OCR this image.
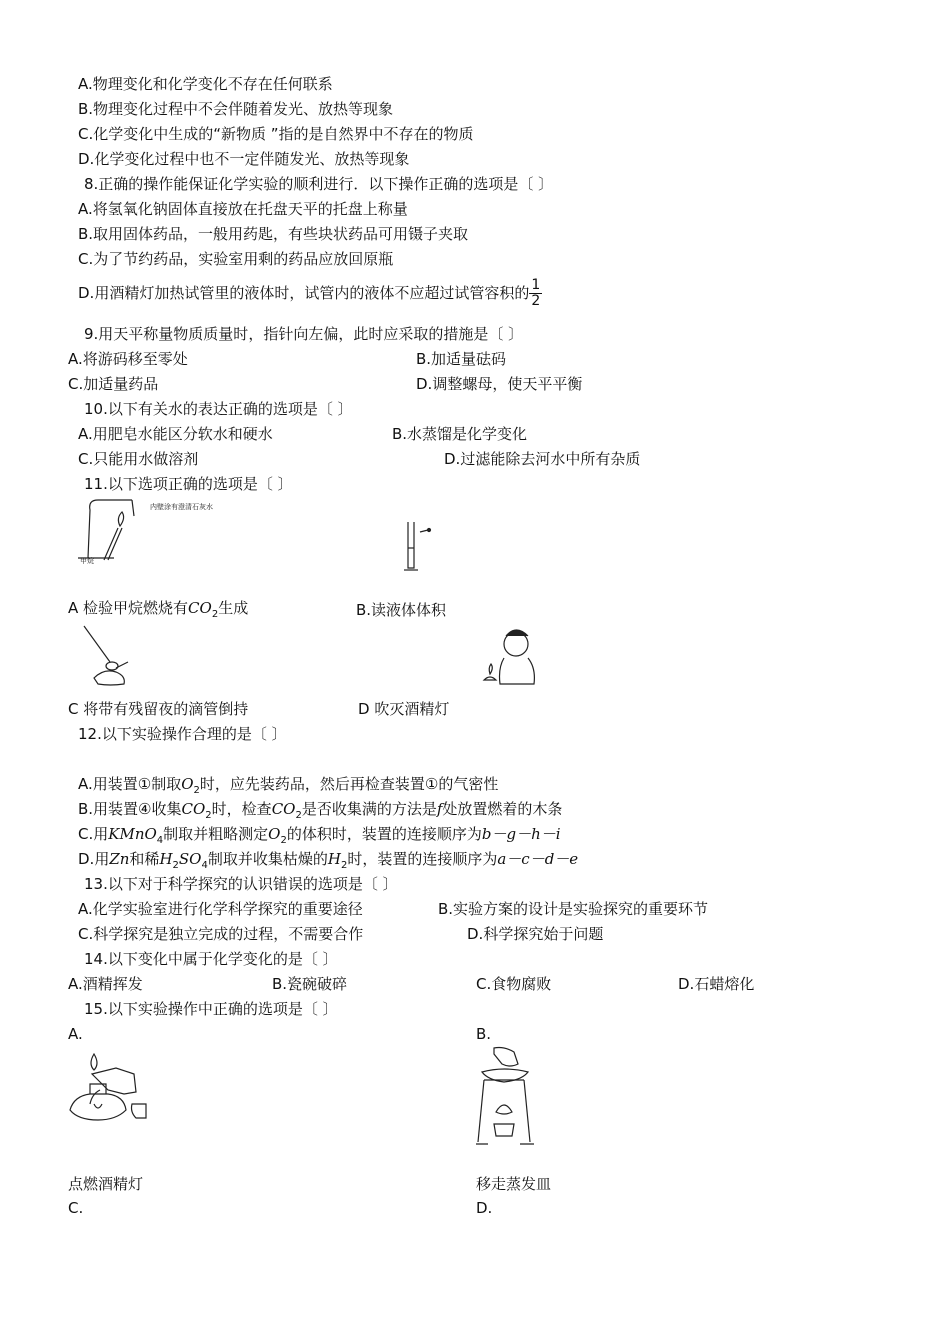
A.物理变化和化学变化不存在任何联系
B.物理变化过程中不会伴随着发光、放热等现象
C.化学变化中生成的“新物质 ”指的是自然界中不存在的物质
D.化学变化过程中也不一定伴随发光、放热等现象
8.正确的操作能保证化学实验的顺利进行．以下操作正确的选项是〔 〕
A.将氢氧化钠固体直接放在托盘天平的托盘上称量
B.取用固体药品，一般用药匙，有些块状药品可用镊子夹取
C.为了节约药品，实验室用剩的药品应放回原瓶
D.用酒精灯加热试管里的液体时，试管内的液体不应超过试管容积的 $\frac{1}{2}$
9.用天平称量物质质量时，指针向左偏，此时应采取的措施是〔 〕
A.将游码移至零处	B.加适量砝码
C.加适量药品	D.调整螺母，使天平平衡
10.以下有关水的表达正确的选项是〔 〕
A.用肥皂水能区分软水和硬水	B.水蒸馏是化学变化
C.只能用水做溶剂	D.过滤能除去河水中所有杂质
11.以下选项正确的选项是〔 〕
内壁涂有澄清石灰水
甲烷
A 检验甲烷燃烧有$CO_2$生成	B.读液体体积
C 将带有残留夜的滴管倒持	D 吹灭酒精灯
12.以下实验操作合理的是〔 〕
A.用装置①制取$O_2$时，应先装药品，然后再检查装置①的气密性
B.用装置④收集$CO_2$时，检查$CO_2$是否收集满的方法是f处放置燃着的木条
C.用KMnO$_4$制取并粗略测定$O_2$的体积时，装置的连接顺序为b－g－h－i
D.用Zn和稀$H_2SO_4$制取并收集枯燥的$H_2$时，装置的连接顺序为a－c－d－e
13.以下对于科学探究的认识错误的选项是〔 〕
A.化学实验室进行化学科学探究的重要途径	B.实验方案的设计是实验探究的重要环节
C.科学探究是独立完成的过程，不需要合作	D.科学探究始于问题
14.以下变化中属于化学变化的是〔 〕
A.酒精挥发	B.瓷碗破碎	C.食物腐败	D.石蜡熔化
15.以下实验操作中正确的选项是〔 〕
A.	B.
点燃酒精灯	移走蒸发皿
C.	D.
